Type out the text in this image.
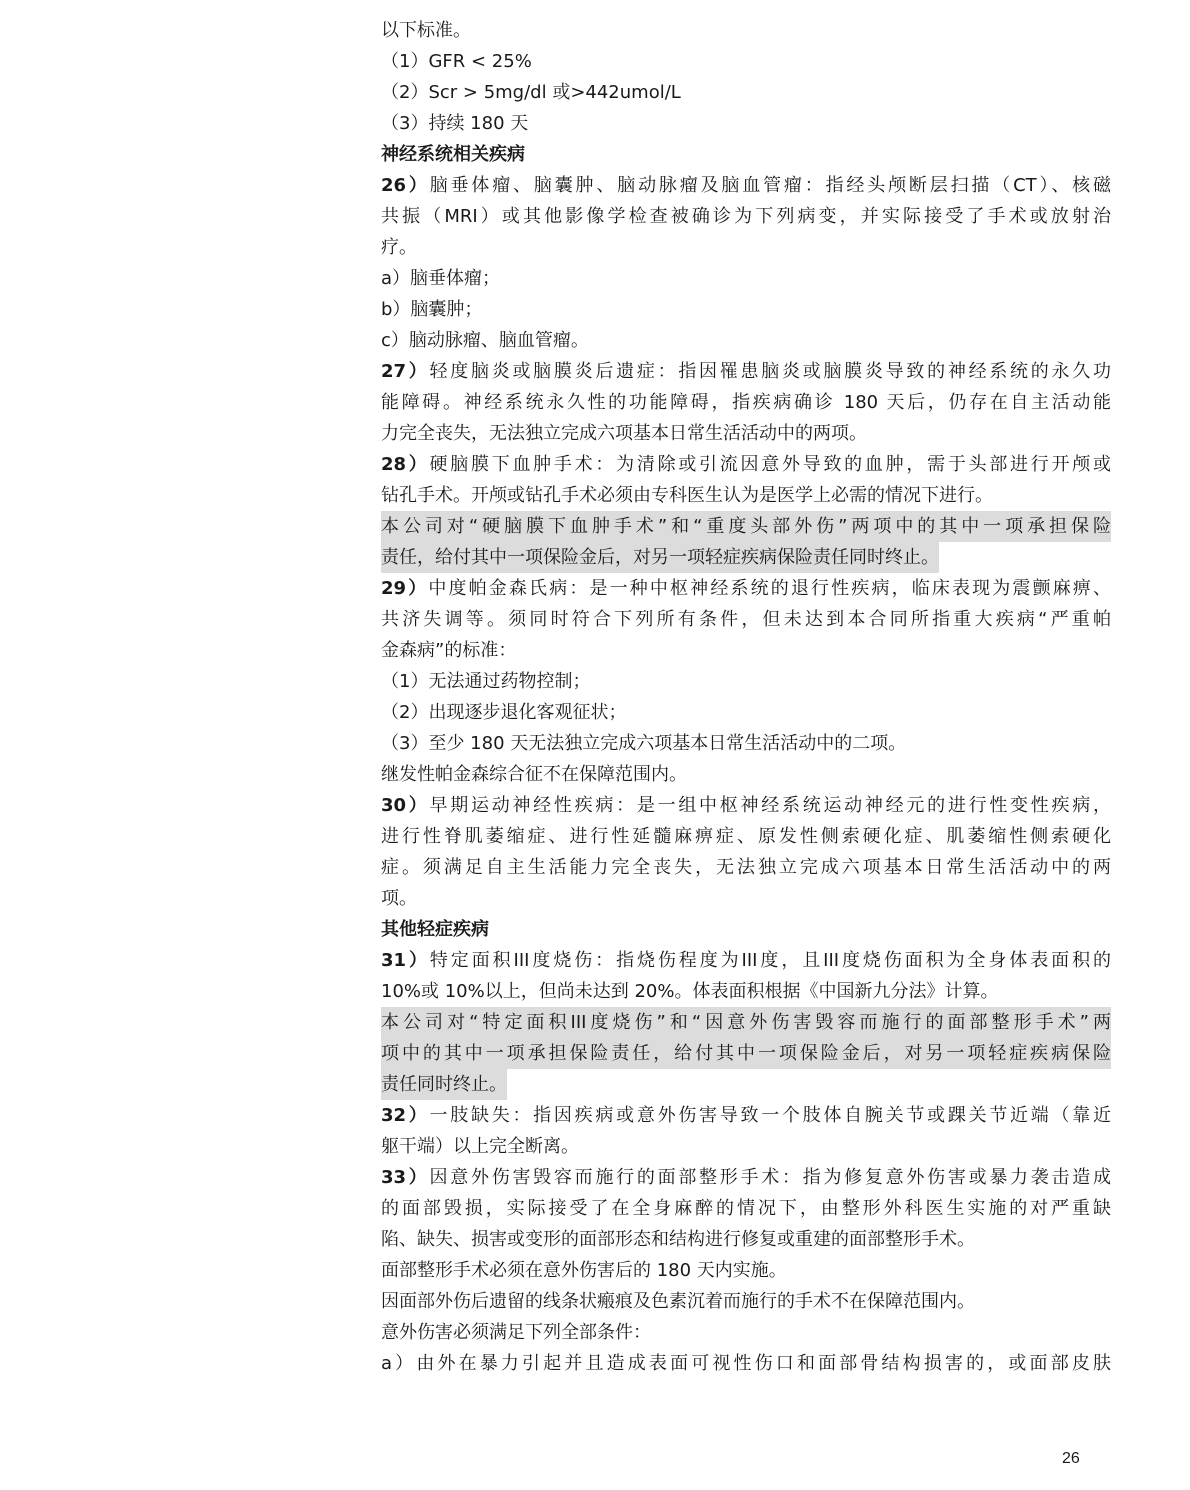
以下标准。
（1）GFR < 25%
（2）Scr > 5mg/dl 或>442umol/L
（3）持续 180 天
神经系统相关疾病
26）脑垂体瘤、脑囊肿、脑动脉瘤及脑血管瘤：指经头颅断层扫描（CT）、核磁
共振（MRI）或其他影像学检查被确诊为下列病变，并实际接受了手术或放射治
疗。
a）脑垂体瘤；
b）脑囊肿；
c）脑动脉瘤、脑血管瘤。
27）轻度脑炎或脑膜炎后遗症：指因罹患脑炎或脑膜炎导致的神经系统的永久功
能障碍。神经系统永久性的功能障碍，指疾病确诊 180 天后，仍存在自主活动能
力完全丧失，无法独立完成六项基本日常生活活动中的两项。
28）硬脑膜下血肿手术：为清除或引流因意外导致的血肿，需于头部进行开颅或
钻孔手术。开颅或钻孔手术必须由专科医生认为是医学上必需的情况下进行。
本公司对“硬脑膜下血肿手术”和“重度头部外伤”两项中的其中一项承担保险
责任，给付其中一项保险金后，对另一项轻症疾病保险责任同时终止。
29）中度帕金森氏病：是一种中枢神经系统的退行性疾病，临床表现为震颤麻痹、
共济失调等。须同时符合下列所有条件，但未达到本合同所指重大疾病“严重帕
金森病”的标准：
（1）无法通过药物控制；
（2）出现逐步退化客观征状；
（3）至少 180 天无法独立完成六项基本日常生活活动中的二项。
继发性帕金森综合征不在保障范围内。
30）早期运动神经性疾病：是一组中枢神经系统运动神经元的进行性变性疾病，
进行性脊肌萎缩症、进行性延髓麻痹症、原发性侧索硬化症、肌萎缩性侧索硬化
症。须满足自主生活能力完全丧失，无法独立完成六项基本日常生活活动中的两
项。
其他轻症疾病
31）特定面积III度烧伤：指烧伤程度为III度，且III度烧伤面积为全身体表面积的
10%或 10%以上，但尚未达到 20%。体表面积根据《中国新九分法》计算。
本公司对“特定面积III度烧伤”和“因意外伤害毁容而施行的面部整形手术”两
项中的其中一项承担保险责任，给付其中一项保险金后，对另一项轻症疾病保险
责任同时终止。
32）一肢缺失：指因疾病或意外伤害导致一个肢体自腕关节或踝关节近端（靠近
躯干端）以上完全断离。
33）因意外伤害毁容而施行的面部整形手术：指为修复意外伤害或暴力袭击造成
的面部毁损，实际接受了在全身麻醉的情况下，由整形外科医生实施的对严重缺
陷、缺失、损害或变形的面部形态和结构进行修复或重建的面部整形手术。
面部整形手术必须在意外伤害后的 180 天内实施。
因面部外伤后遗留的线条状瘢痕及色素沉着而施行的手术不在保障范围内。
意外伤害必须满足下列全部条件：
a）由外在暴力引起并且造成表面可视性伤口和面部骨结构损害的，或面部皮肤
26
